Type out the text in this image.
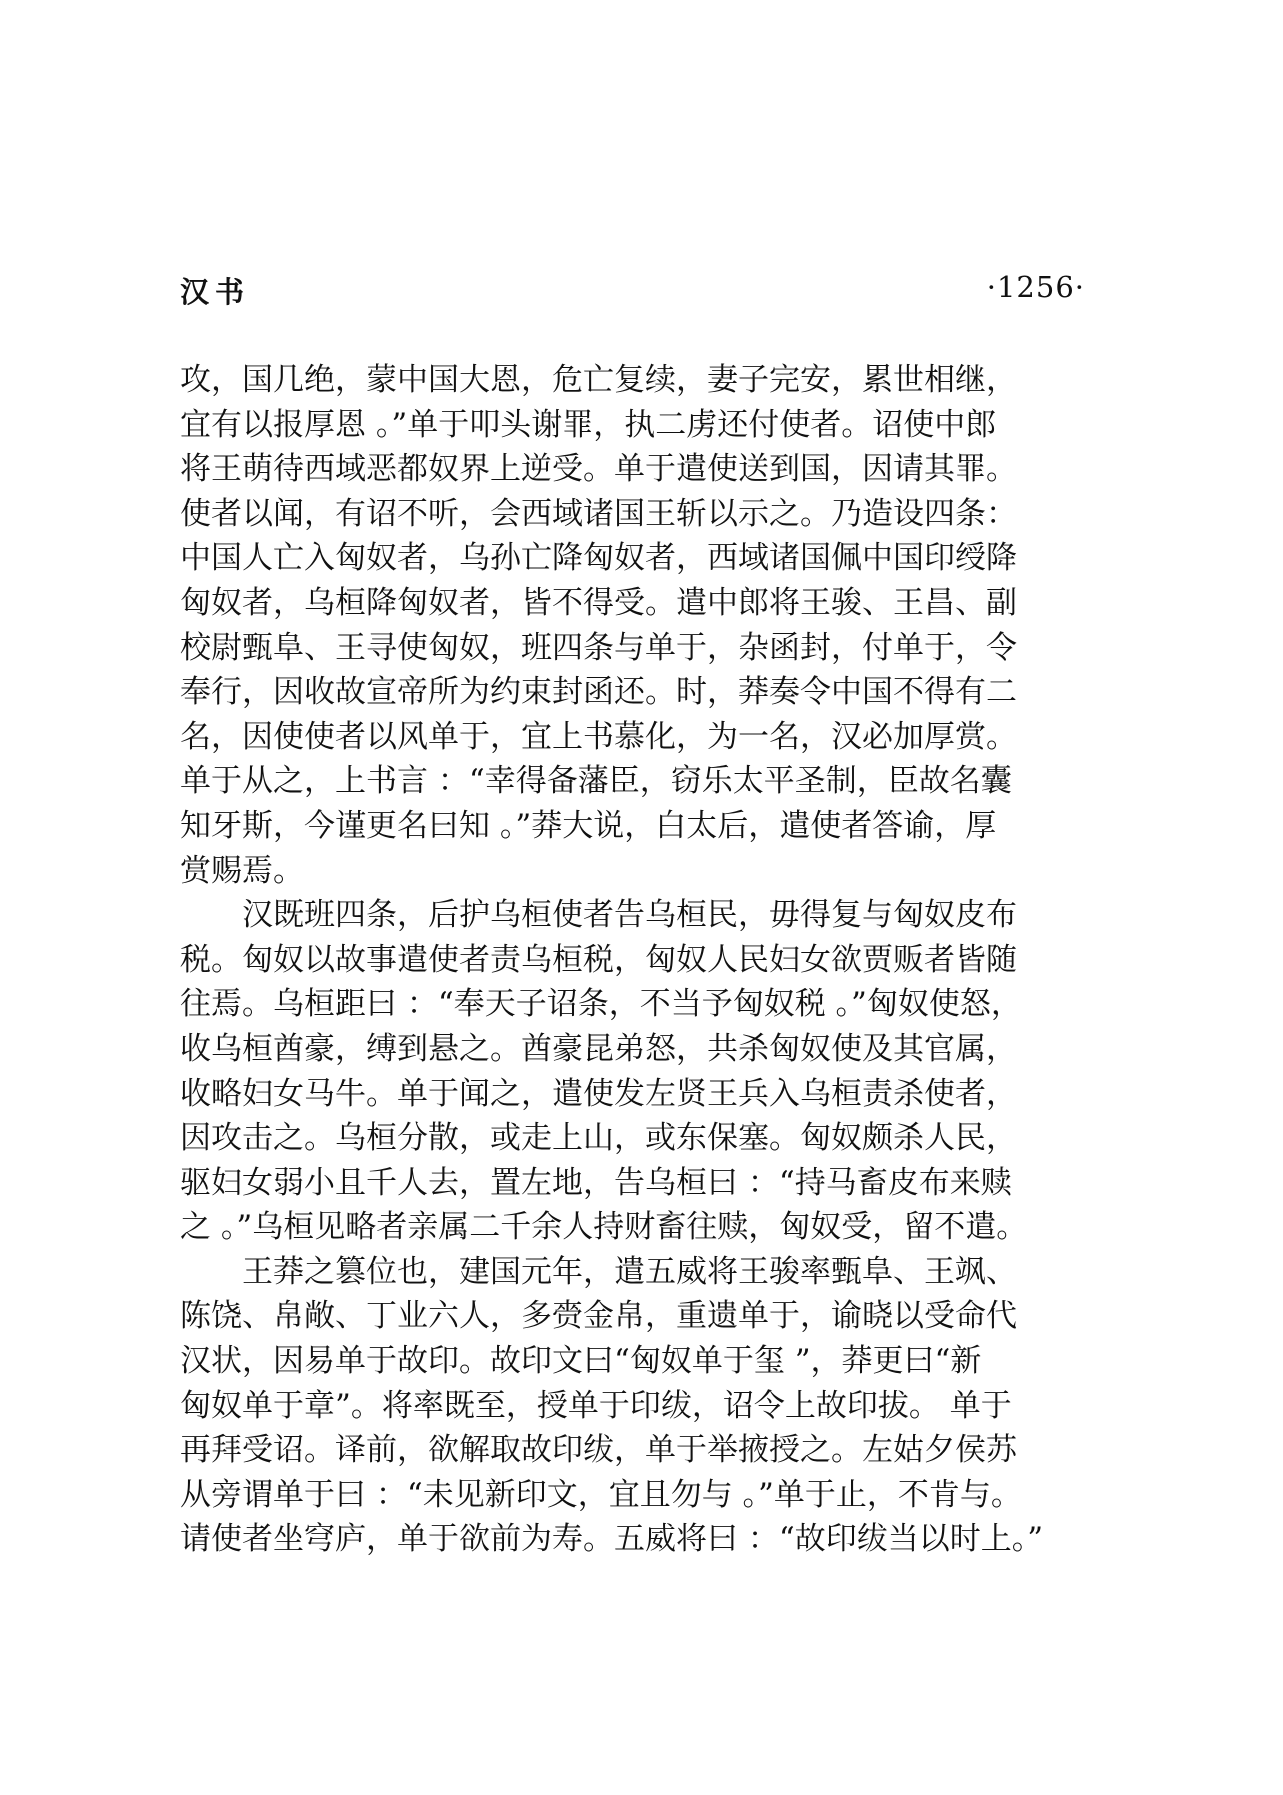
汉书	·1256·
攻，国几绝，蒙中国大恩，危亡复续，妻子完安，累世相继，
宜有以报厚恩 。”单于叩头谢罪，执二虏还付使者。诏使中郎
将王萌待西域恶都奴界上逆受。单于遣使送到国，因请其罪。
使者以闻，有诏不听，会西域诸国王斩以示之。乃造设四条：
中国人亡入匈奴者，乌孙亡降匈奴者，西域诸国佩中国印绶降
匈奴者，乌桓降匈奴者，皆不得受。遣中郎将王骏、王昌、副
校尉甄阜、王寻使匈奴，班四条与单于，杂函封，付单于，令
奉行，因收故宣帝所为约束封函还。时，莽奏令中国不得有二
名，因使使者以风单于，宜上书慕化，为一名，汉必加厚赏。
单于从之，上书言 ：“幸得备藩臣，窃乐太平圣制，臣故名囊
知牙斯，今谨更名曰知 。”莽大说，白太后，遣使者答谕，厚
赏赐焉。
汉既班四条，后护乌桓使者告乌桓民，毋得复与匈奴皮布
税。匈奴以故事遣使者责乌桓税，匈奴人民妇女欲贾贩者皆随
往焉。乌桓距曰 ：“奉天子诏条，不当予匈奴税 。”匈奴使怒，
收乌桓酋豪，缚到悬之。酋豪昆弟怒，共杀匈奴使及其官属，
收略妇女马牛。单于闻之，遣使发左贤王兵入乌桓责杀使者，
因攻击之。乌桓分散，或走上山，或东保塞。匈奴颇杀人民，
驱妇女弱小且千人去，置左地，告乌桓曰 ：“持马畜皮布来赎
之 。”乌桓见略者亲属二千余人持财畜往赎，匈奴受，留不遣。
王莽之篡位也，建国元年，遣五威将王骏率甄阜、王飒、
陈饶、帛敞、丁业六人，多赍金帛，重遗单于，谕晓以受命代
汉状，因易单于故印。故印文曰“匈奴单于玺 ”，莽更曰“新
匈奴单于章”。将率既至，授单于印绂，诏令上故印拔。 单于
再拜受诏。译前，欲解取故印绂，单于举掖授之。左姑夕侯苏
从旁谓单于曰 ：“未见新印文，宜且勿与 。”单于止，不肯与。
请使者坐穹庐，单于欲前为寿。五威将曰 ：“故印绂当以时上。”
